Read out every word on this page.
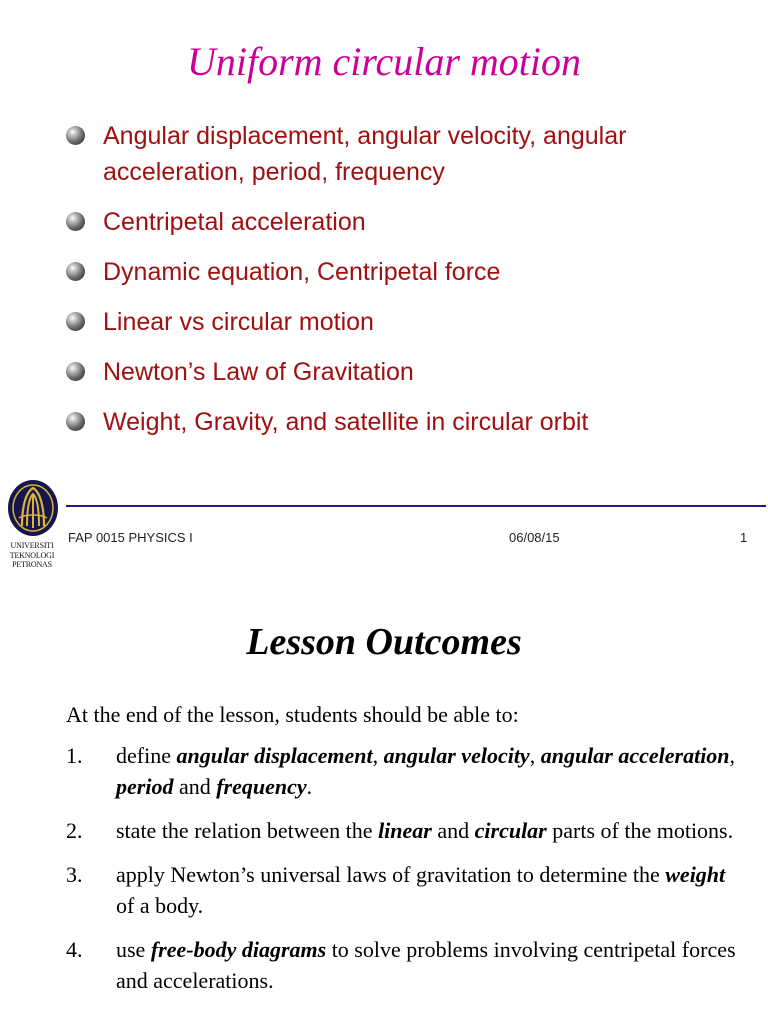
Uniform circular motion
Angular displacement, angular velocity, angular acceleration, period, frequency
Centripetal acceleration
Dynamic equation, Centripetal force
Linear vs circular motion
Newton’s Law of Gravitation
Weight, Gravity, and satellite in circular orbit
UNIVERSITI
TEKNOLOGI
PETRONAS
FAP 0015 PHYSICS I	06/08/15	1
Lesson Outcomes
At the end of the lesson, students should be able to:
1. define angular displacement, angular velocity, angular acceleration, period and frequency.
2. state the relation between the linear and circular parts of the motions.
3. apply Newton’s universal laws of gravitation to determine the weight of a body.
4. use free-body diagrams to solve problems involving centripetal forces and accelerations.
